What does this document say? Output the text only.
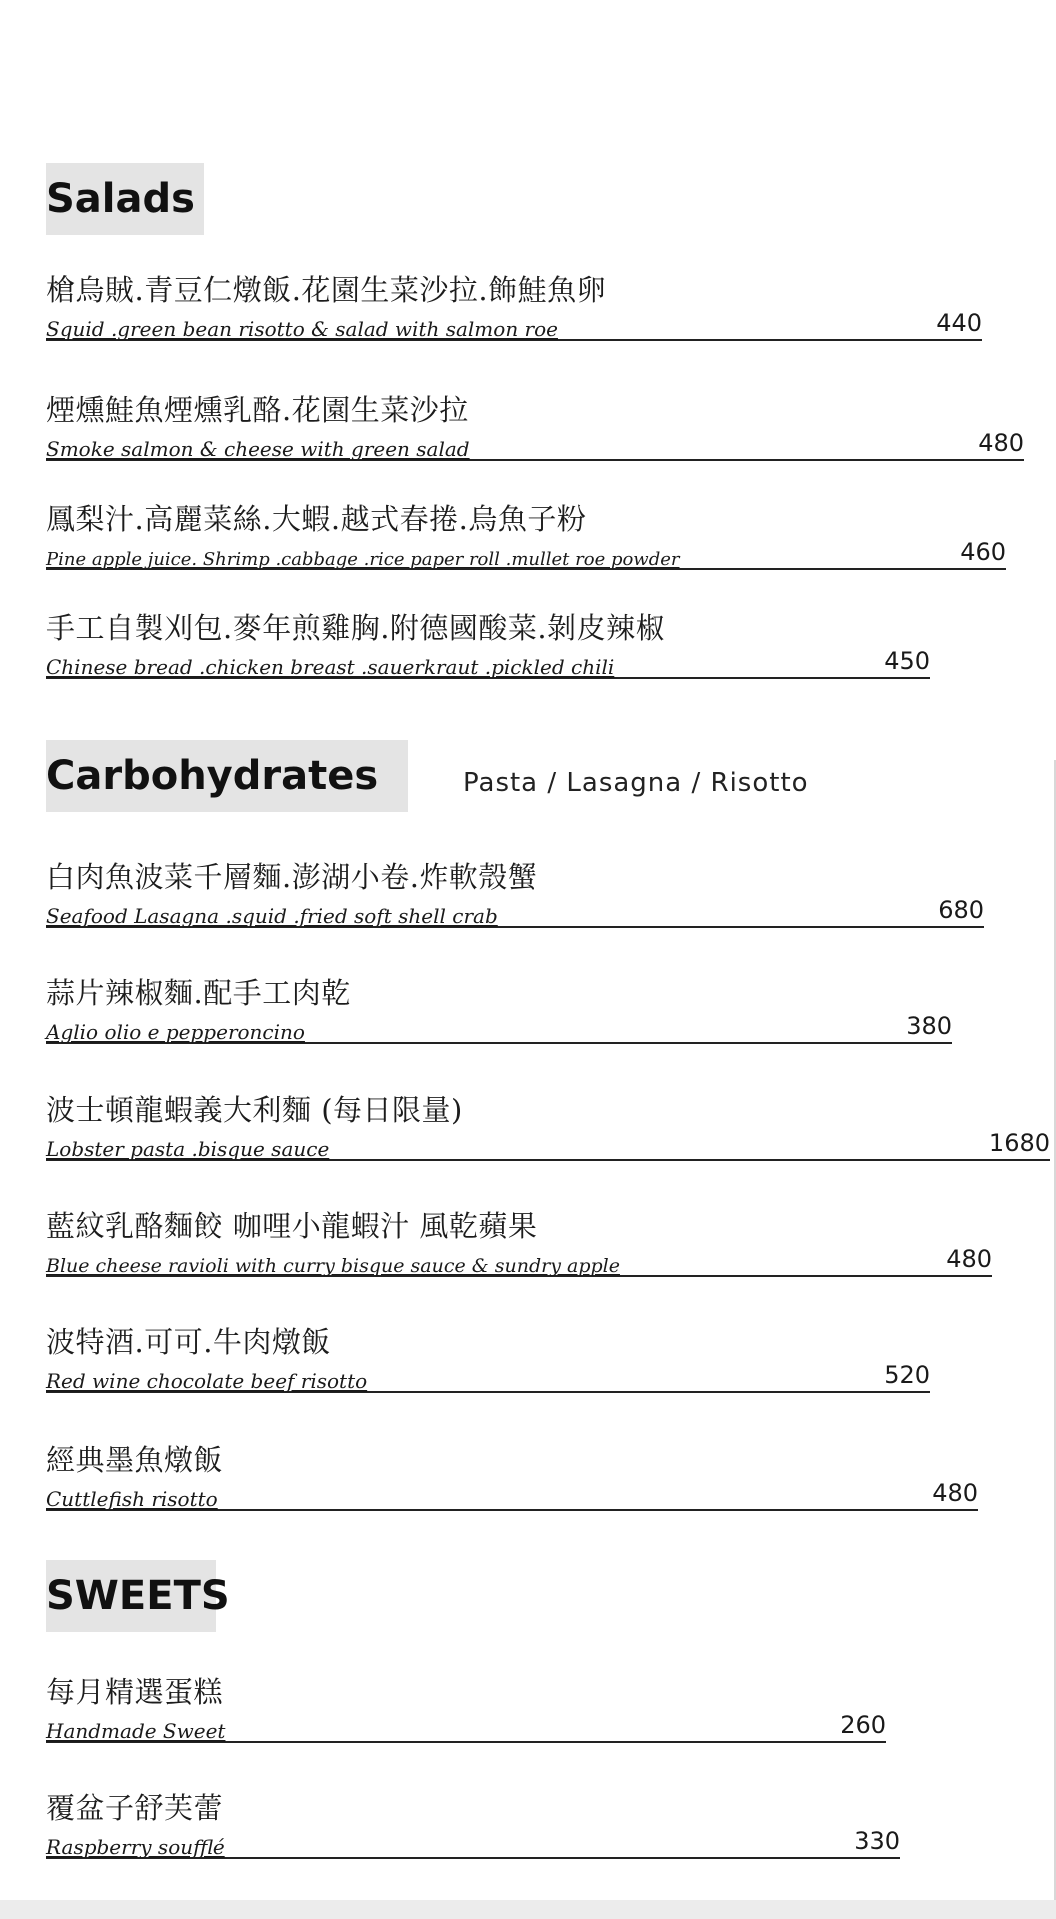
Salads
槍烏賊.青豆仁燉飯.花園生菜沙拉.飾鮭魚卵
Squid .green bean risotto & salad with salmon roe	440
煙燻鮭魚煙燻乳酪.花園生菜沙拉
Smoke salmon & cheese with green salad	480
鳳梨汁.高麗菜絲.大蝦.越式春捲.烏魚子粉
Pine apple juice. Shrimp .cabbage .rice paper roll .mullet roe powder	460
手工自製刈包.麥年煎雞胸.附德國酸菜.剝皮辣椒
Chinese bread .chicken breast .sauerkraut .pickled chili	450
Carbohydrates	Pasta / Lasagna / Risotto
白肉魚波菜千層麵.澎湖小卷.炸軟殼蟹
Seafood Lasagna .squid .fried soft shell crab	680
蒜片辣椒麵.配手工肉乾
Aglio olio e pepperoncino	380
波士頓龍蝦義大利麵 (每日限量)
Lobster pasta .bisque sauce	1680
藍紋乳酪麵餃 咖哩小龍蝦汁 風乾蘋果
Blue cheese ravioli with curry bisque sauce & sundry apple	480
波特酒.可可.牛肉燉飯
Red wine chocolate beef risotto	520
經典墨魚燉飯
Cuttlefish risotto	480
SWEETS
每月精選蛋糕
Handmade Sweet	260
覆盆子舒芙蕾
Raspberry soufflé	330
